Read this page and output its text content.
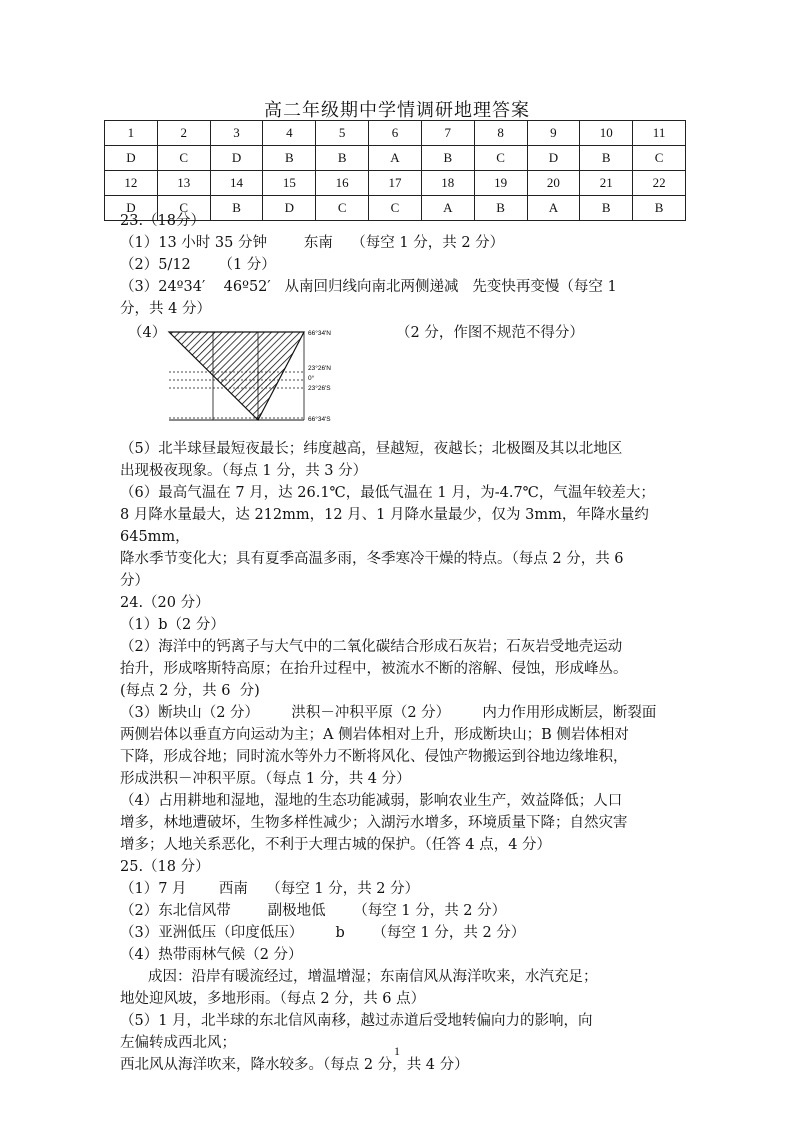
高二年级期中学情调研地理答案
1	2	3	4	5	6	7	8	9	10	11
D	C	D	B	B	A	B	C	D	B	C
12	13	14	15	16	17	18	19	20	21	22
D	C	B	D	C	C	A	B	A	B	B
23.（18分）
（1）13 小时 35 分钟        东南    （每空 1 分，共 2 分）
（2）5/12      （1 分）
（3）24º34′    46º52′   从南回归线向南北两侧递减   先变快再变慢（每空 1
分，共 4 分）
（4）	66°34'N
23°26'N
0°
23°26'S
66°34'S
（2 分，作图不规范不得分）
（5）北半球昼最短夜最长；纬度越高，昼越短，夜越长；北极圈及其以北地区
出现极夜现象。（每点 1 分，共 3 分）
（6）最高气温在 7 月，达 26.1℃，最低气温在 1 月，为-4.7℃，气温年较差大；
8 月降水量最大，达 212mm，12 月、1 月降水量最少，仅为 3mm，年降水量约 645mm，
降水季节变化大；具有夏季高温多雨，冬季寒冷干燥的特点。（每点 2 分，共 6
分）
24.（20 分）
（1）b（2 分）
（2）海洋中的钙离子与大气中的二氧化碳结合形成石灰岩；石灰岩受地壳运动
抬升，形成喀斯特高原；在抬升过程中，被流水不断的溶解、侵蚀，形成峰丛。
(每点 2 分，共 6  分)
（3）断块山（2 分）       洪积－冲积平原（2 分）       内力作用形成断层，断裂面
两侧岩体以垂直方向运动为主；A 侧岩体相对上升，形成断块山；B 侧岩体相对
下降，形成谷地；同时流水等外力不断将风化、侵蚀产物搬运到谷地边缘堆积，
形成洪积－冲积平原。（每点 1 分，共 4 分）
（4）占用耕地和湿地，湿地的生态功能减弱，影响农业生产，效益降低；人口
增多，林地遭破坏，生物多样性减少；入湖污水增多，环境质量下降；自然灾害
增多；人地关系恶化，不利于大理古城的保护。（任答 4 点，4 分）
25.（18 分）
（1）7 月       西南    （每空 1 分，共 2 分）
（2）东北信风带        副极地低      （每空 1 分，共 2 分）
（3）亚洲低压（印度低压）       b      （每空 1 分，共 2 分）
（4）热带雨林气候（2 分）
成因：沿岸有暖流经过，增温增湿；东南信风从海洋吹来，水汽充足；
地处迎风坡，多地形雨。（每点 2 分，共 6 点）
（5）1 月，北半球的东北信风南移，越过赤道后受地转偏向力的影响，向
左偏转成西北风；
西北风从海洋吹来，降水较多。（每点 2 分，共 4 分）
1
